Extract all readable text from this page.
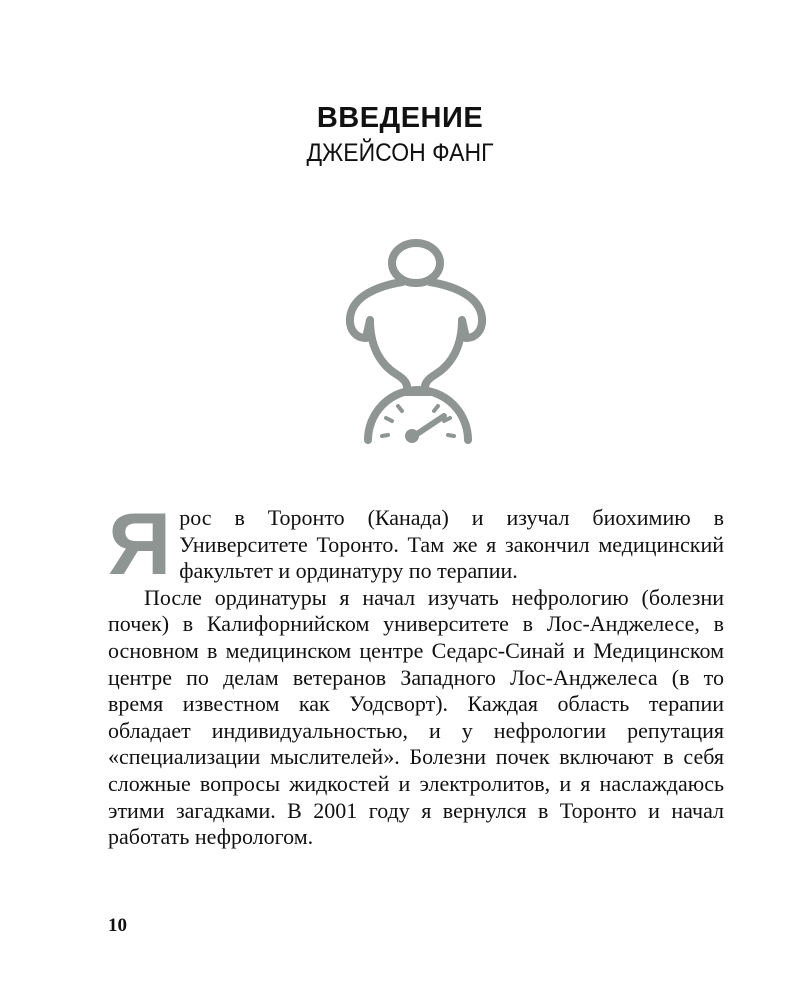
ВВЕДЕНИЕ
ДЖЕЙСОН ФАНГ

Ярос в Торонто (Канада) и изучал биохимию в Университете Торонто. Там же я закончил медицинский факультет и ординатуру по терапии.

После ординатуры я начал изучать нефрологию (болезни почек) в Калифорнийском университете в Лос-Анджелесе, в основном в медицинском центре Седарс-Синай и Медицинском центре по делам ветеранов Западного Лос-Анджелеса (в то время известном как Уодсворт). Каждая область терапии обладает индивидуальностью, и у нефрологии репутация «специализации мыслителей». Болезни почек включают в себя сложные вопросы жидкостей и электролитов, и я наслаждаюсь этими загадками. В 2001 году я вернулся в Торонто и начал работать нефрологом.

10
